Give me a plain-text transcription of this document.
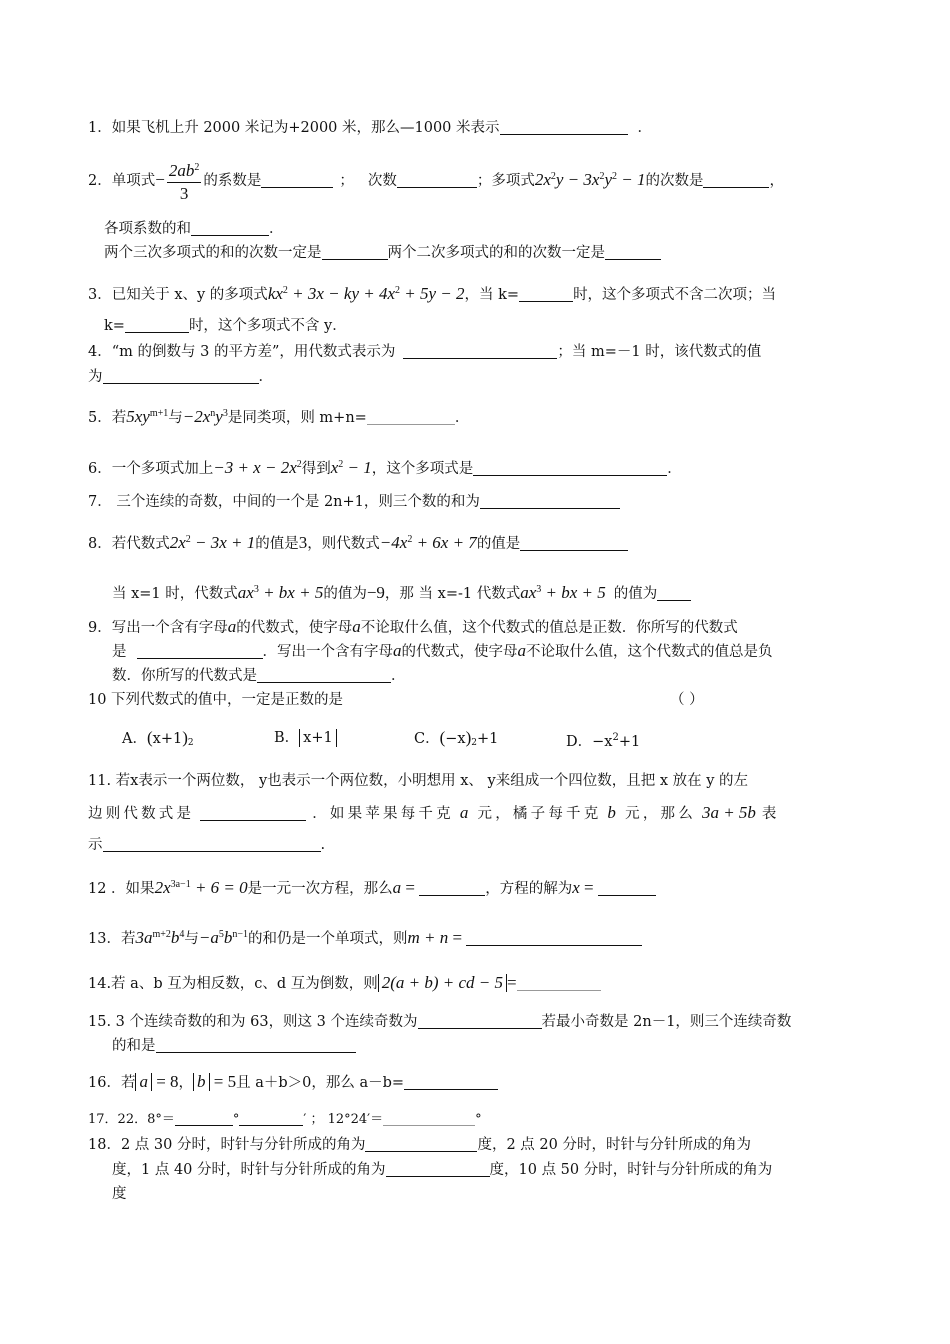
1．如果飞机上升 2000 米记为+2000 米，那么—1000 米表示	．
2．单项式− $\frac{2ab^2}{3}$ 的系数是	； 次数	；多项式$2x^2y - 3x^2y^2 - 1$的次数是	，
各项系数的和	．
两个三次多项式的和的次数一定是	两个二次多项式的和的次数一定是
3．已知关于 x、y 的多项式$kx^2 + 3x$ − ky + $4x^2 + 5y - 2$，当 k=	时，这个多项式不含二次项；当
k=	时，这个多项式不含 y．
4．“m 的倒数与 3 的平方差”，用代数式表示为	；当 m=－1 时，该代数式的值
为	．
5．若$5xy^{m+1}$与$-2x^ny^3$是同类项，则 m+n=	．
6．一个多项式加上$-3 + x - 2x^2$得到$x^2 - 1$，这个多项式是	．
7． 三个连续的奇数，中间的一个是 2n+1，则三个数的和为
8．若代数式$2x^2 - 3x + 1$的值是3，则代数式$-4x^2 + 6x + 7$的值是
当 x=1 时，代数式$ax^3$ + bx + 5的值为−9，那 当 x=-1 代数式$ax^3$ + bx + 5 的值为
9．写出一个含有字母a的代数式，使字母a不论取什么值，这个代数式的值总是正数．你所写的代数式
是	．写出一个含有字母a的代数式，使字母a不论取什么值，这个代数式的值总是负
数．你所写的代数式是	．
10 下列代数式的值中，一定是正数的是	（ ）
A．$(x+1)_2$	B． x+1	C．$(-x)_2+1$	D．$-x^2+1$
11. 若x表示一个两位数， y也表示一个两位数，小明想用 x、 y来组成一个四位数，且把 x 放在 y 的左
边则代数式是	．如果苹果每千克 a 元，橘子每千克 b 元，那么 3a + 5b 表
示	.
12 ．如果$2x^{3a-1} + 6 = 0$是一元一次方程，那么a =	，方程的解为x =
13．若$3a^{m+2}b^4$与$-a^5b^{n-1}$的和仍是一个单项式，则m + n =
14.若 a、b 互为相反数，c、d 互为倒数，则 2(a + b) + cd − 5 =
15. 3 个连续奇数的和为 63，则这 3 个连续奇数为	若最小奇数是 2n－1，则三个连续奇数
的和是
16．若 a = 8， b = 5且 a＋b＞0，那么 a－b=
17．22．8°＝	°	′ ； 12°24′＝	°
18．2 点 30 分时，时针与分针所成的角为	度，2 点 20 分时，时针与分针所成的角为
度，1 点 40 分时，时针与分针所成的角为	度，10 点 50 分时，时针与分针所成的角为
度
